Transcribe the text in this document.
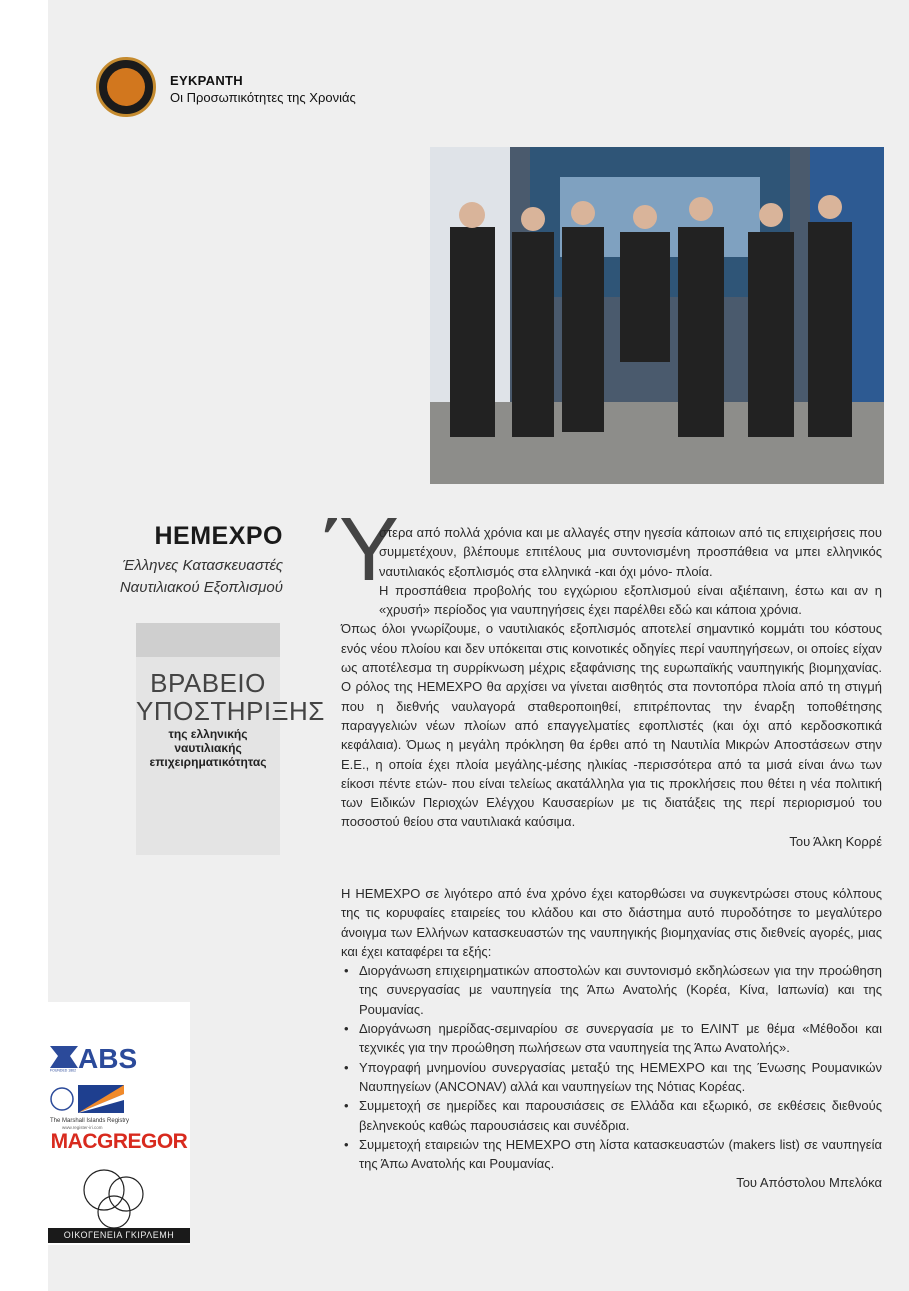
ΕΥΚΡΑΝΤΗ
Οι Προσωπικότητες της Χρονιάς
HEMEXPO
Έλληνες Κατασκευαστές
Ναυτιλιακού Εξοπλισμού
ΒΡΑΒΕΙΟ
ΥΠΟΣΤΗΡΙΞΗΣ
της ελληνικής
ναυτιλιακής
επιχειρηματικότητας
Ύ

στερα από πολλά χρόνια και με αλλαγές στην ηγεσία κάποιων από τις επιχειρήσεις που συμμετέχουν, βλέπουμε επιτέλους μια συντονισμένη προσπάθεια να μπει ελληνικός ναυτιλιακός εξοπλισμός στα ελληνικά -και όχι μόνο- πλοία.

Η προσπάθεια προβολής του εγχώριου εξοπλισμού είναι αξιέπαινη, έστω και αν η «χρυσή» περίοδος για ναυπηγήσεις έχει παρέλθει εδώ και κάποια χρόνια.

Όπως όλοι γνωρίζουμε, ο ναυτιλιακός εξοπλισμός αποτελεί σημαντικό κομμάτι του κόστους ενός νέου πλοίου και δεν υπόκειται στις κοινοτικές οδηγίες περί ναυπηγήσεων, οι οποίες είχαν ως αποτέλεσμα τη συρρίκνωση μέχρις εξαφάνισης της ευρωπαϊκής ναυπηγικής βιομηχανίας. Ο ρόλος της HEMEXPO θα αρχίσει να γίνεται αισθητός στα ποντοπόρα πλοία από τη στιγμή που η διεθνής ναυλαγορά σταθεροποιηθεί, επιτρέποντας την έναρξη τοποθέτησης παραγγελιών νέων πλοίων από επαγγελματίες εφοπλιστές (και όχι από κερδοσκοπικά κεφάλαια). Όμως η μεγάλη πρόκληση θα έρθει από τη Ναυτιλία Μικρών Αποστάσεων στην Ε.Ε., η οποία έχει πλοία μεγάλης-μέσης ηλικίας -περισσότερα από τα μισά είναι άνω των είκοσι πέντε ετών- που είναι τελείως ακατάλληλα για τις προκλήσεις που θέτει η νέα πολιτική των Ειδικών Περιοχών Ελέγχου Καυσαερίων με τις διατάξεις της περί περιορισμού του ποσοστού θείου στα ναυτιλιακά καύσιμα.

Του Άλκη Κορρέ

Η HEMEXPO σε λιγότερο από ένα χρόνο έχει κατορθώσει να συγκεντρώσει στους κόλπους της τις κορυφαίες εταιρείες του κλάδου και στο διάστημα αυτό πυροδότησε το μεγαλύτερο άνοιγμα των Ελλήνων κατασκευαστών της ναυπηγικής βιομηχανίας στις διεθνείς αγορές, μιας και έχει καταφέρει τα εξής:

• Διοργάνωση επιχειρηματικών αποστολών και συντονισμό εκδηλώσεων για την προώθηση της συνεργασίας με ναυπηγεία της Άπω Ανατολής (Κορέα, Κίνα, Ιαπωνία) και της Ρουμανίας.
• Διοργάνωση ημερίδας-σεμιναρίου σε συνεργασία με το ΕΛΙΝΤ με θέμα «Μέθοδοι και τεχνικές για την προώθηση πωλήσεων στα ναυπηγεία της Άπω Ανατολής».
• Υπογραφή μνημονίου συνεργασίας μεταξύ της HEMEXPO και της Ένωσης Ρουμανικών Ναυπηγείων (ANCONAV) αλλά και ναυπηγείων της Νότιας Κορέας.
• Συμμετοχή σε ημερίδες και παρουσιάσεις σε Ελλάδα και εξωρικό, σε εκθέσεις διεθνούς βεληνεκούς καθώς παρουσιάσεις και συνέδρια.
• Συμμετοχή εταιρειών της HEMEXPO στη λίστα κατασκευαστών (makers list) σε ναυπηγεία της Άπω Ανατολής και Ρουμανίας.

Του Απόστολου Μπελόκα

ABS
FOUNDED 1862
The Marshall Islands Registry
www.register-iri.com
MACGREGOR
ΟΙΚΟΓΕΝΕΙΑ ΓΚΙΡΛΕΜΗ
